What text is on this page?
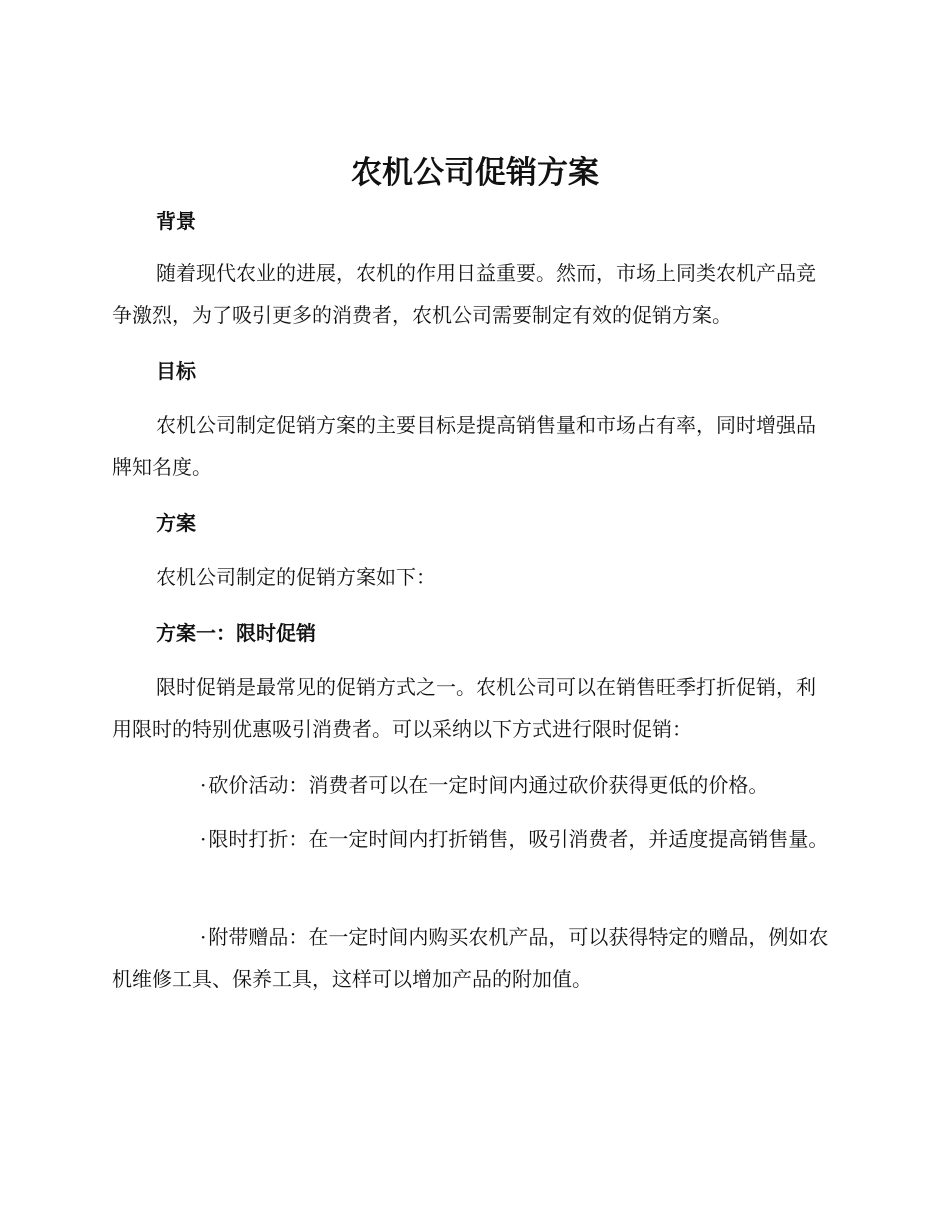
农机公司促销方案
背景

随着现代农业的进展，农机的作用日益重要。然而，市场上同类农机产品竞争激烈，为了吸引更多的消费者，农机公司需要制定有效的促销方案。

目标

农机公司制定促销方案的主要目标是提高销售量和市场占有率，同时增强品牌知名度。

方案

农机公司制定的促销方案如下：

方案一：限时促销

限时促销是最常见的促销方式之一。农机公司可以在销售旺季打折促销，利用限时的特别优惠吸引消费者。可以采纳以下方式进行限时促销：

· 砍价活动：消费者可以在一定时间内通过砍价获得更低的价格。

· 限时打折：在一定时间内打折销售，吸引消费者，并适度提高销售量。

· 附带赠品：在一定时间内购买农机产品，可以获得特定的赠品，例如农机维修工具、保养工具，这样可以增加产品的附加值。
